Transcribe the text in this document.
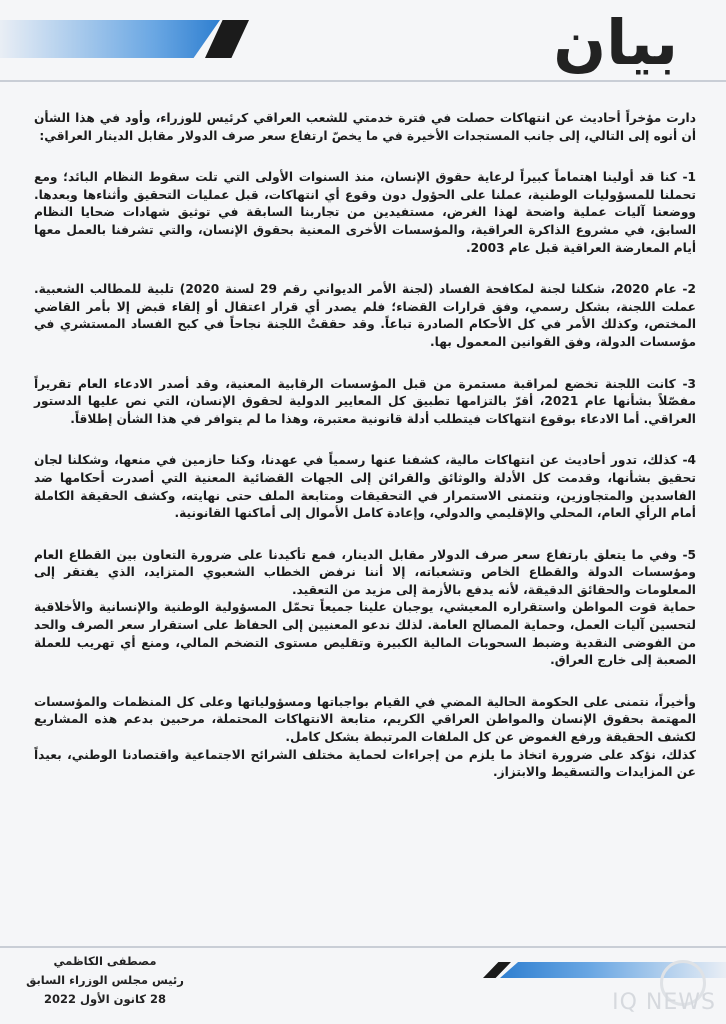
بيان

دارت مؤخراً أحاديث عن انتهاكات حصلت في فترة خدمتي للشعب العراقي كرئيس للوزراء، وأود في هذا الشأن أن أنوه إلى التالي، إلى جانب المستجدات الأخيرة في ما يخصّ ارتفاع سعر صرف الدولار مقابل الدينار العراقي:

1- كنا قد أولينا اهتماماً كبيراً لرعاية حقوق الإنسان، منذ السنوات الأولى التي تلت سقوط النظام البائد؛ ومع تحملنا للمسؤوليات الوطنية، عملنا على الحؤول دون وقوع أي انتهاكات، قبل عمليات التحقيق وأثناءها وبعدها. ووضعنا آليات عملية واضحة لهذا الغرض، مستفيدين من تجاربنا السابقة في توثيق شهادات ضحايا النظام السابق، في مشروع الذاكرة العراقية، والمؤسسات الأخرى المعنية بحقوق الإنسان، والتي تشرفنا بالعمل معها أيام المعارضة العراقية قبل عام 2003.

2- عام 2020، شكلنا لجنة لمكافحة الفساد (لجنة الأمر الديواني رقم 29 لسنة 2020) تلبية للمطالب الشعبية. عملت اللجنة، بشكل رسمي، وفق قرارات القضاء؛ فلم يصدر أي قرار اعتقال أو إلقاء قبض إلا بأمر القاضي المختص، وكذلك الأمر في كل الأحكام الصادرة تباعاً. وقد حققتْ اللجنة نجاحاً في كبح الفساد المستشري في مؤسسات الدولة، وفق القوانين المعمول بها.

3- كانت اللجنة تخضع لمراقبة مستمرة من قبل المؤسسات الرقابية المعنية، وقد أصدر الادعاء العام تقريراً مفصّلاً بشأنها عام 2021، أقرّ بالتزامها تطبيق كل المعايير الدولية لحقوق الإنسان، التي نص عليها الدستور العراقي. أما الادعاء بوقوع انتهاكات فيتطلب أدلة قانونية معتبرة، وهذا ما لم يتوافر في هذا الشأن إطلاقاً.

4- كذلك، تدور أحاديث عن انتهاكات مالية، كشفنا عنها رسمياً في عهدنا، وكنا حازمين في منعها، وشكلنا لجان تحقيق بشأنها، وقدمت كل الأدلة والوثائق والقرائن إلى الجهات القضائية المعنية التي أصدرت أحكامها ضد الفاسدين والمتجاوزين، ونتمنى الاستمرار في التحقيقات ومتابعة الملف حتى نهايته، وكشف الحقيقة الكاملة أمام الرأي العام، المحلي والإقليمي والدولي، وإعادة كامل الأموال إلى أماكنها القانونية.

5- وفي ما يتعلق بارتفاع سعر صرف الدولار مقابل الدينار، فمع تأكيدنا على ضرورة التعاون بين القطاع العام ومؤسسات الدولة والقطاع الخاص وتشعباته، إلا أننا نرفض الخطاب الشعبوي المتزايد، الذي يفتقر إلى المعلومات والحقائق الدقيقة، لأنه يدفع بالأزمة إلى مزيد من التعقيد.

حماية قوت المواطن واستقراره المعيشي، يوجبان علينا جميعاً تحمّل المسؤولية الوطنية والإنسانية والأخلاقية لتحسين آليات العمل، وحماية المصالح العامة. لذلك ندعو المعنيين إلى الحفاظ على استقرار سعر الصرف والحد من الفوضى النقدية وضبط السحوبات المالية الكبيرة وتقليص مستوى التضخم المالي، ومنع أي تهريب للعملة الصعبة إلى خارج العراق.

وأخيراً، نتمنى على الحكومة الحالية المضي في القيام بواجباتها ومسؤولياتها وعلى كل المنظمات والمؤسسات المهتمة بحقوق الإنسان والمواطن العراقي الكريم، متابعة الانتهاكات المحتملة، مرحبين بدعم هذه المشاريع لكشف الحقيقة ورفع الغموض عن كل الملفات المرتبطة بشكل كامل.

كذلك، نؤكد على ضرورة اتخاذ ما يلزم من إجراءات لحماية مختلف الشرائح الاجتماعية واقتصادنا الوطني، بعيداً عن المزايدات والتسقيط والابتزاز.

مصطفى الكاظمي
رئيس مجلس الوزراء السابق
28 كانون الأول 2022	IQ NEWS
